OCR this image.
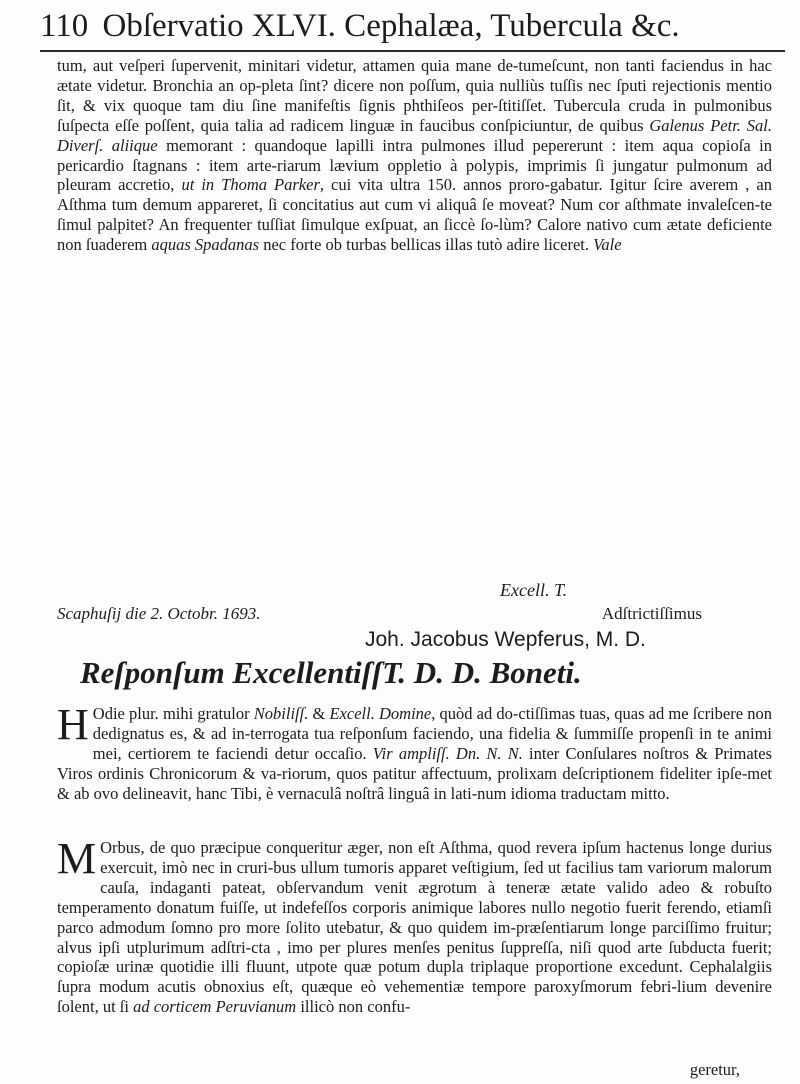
110 Obſervatio XLVI. Cephalæa, Tubercula &c.

tum, aut veſperi ſupervenit, minitari videtur, attamen quia mane de-tumeſcunt, non tanti faciendus in hac ætate videtur. Bronchia an op-pleta ſint? dicere non poſſum, quia nulliùs tuſſis nec ſputi rejectionis mentio ſit, & vix quoque tam diu ſine manifeſtis ſignis phthiſeos per-ſtitiſſet. Tubercula cruda in pulmonibus ſuſpecta eſſe poſſent, quia talia ad radicem linguæ in faucibus conſpiciuntur, de quibus Galenus Petr. Sal. Diverſ. aliique memorant : quandoque lapilli intra pulmones illud pepererunt : item aqua copioſa in pericardio ſtagnans : item arte-riarum lævium oppletio à polypis, imprimis ſi jungatur pulmonum ad pleuram accretio, ut in Thoma Parker, cui vita ultra 150. annos proro-gabatur. Igitur ſcire averem , an Aſthma tum demum appareret, ſi concitatius aut cum vi aliquâ ſe moveat? Num cor aſthmate invaleſcen-te ſimul palpitet? An frequenter tuſſiat ſimulque exſpuat, an ſiccè ſo-lùm? Calore nativo cum ætate deficiente non ſuaderem aquas Spadanas nec forte ob turbas bellicas illas tutò adire liceret. Vale

Excell. T.
Scaphuſij die 2. Octobr. 1693.	Adſtrictiſſimus
Joh. Jacobus Wepferus, M. D.
Reſponſum ExcellentiſſT. D. D. Boneti.

H Odie plur. mihi gratulor Nobiliſſ. & Excell. Domine, quòd ad do-ctiſſimas tuas, quas ad me ſcribere non dedignatus es, & ad in-terrogata tua reſponſum faciendo, una fidelia & ſummiſſe propenſi in te animi mei, certiorem te faciendi detur occaſio. Vir ampliſſ. Dn. N. N. inter Conſulares noſtros & Primates Viros ordinis Chronicorum & va-riorum, quos patitur affectuum, prolixam deſcriptionem fideliter ipſe-met & ab ovo delineavit, hanc Tibi, è vernaculâ noſtrâ linguâ in lati-num idioma traductam mitto.

M Orbus, de quo præcipue conqueritur æger, non eſt Aſthma, quod revera ipſum hactenus longe durius exercuit, imò nec in cruri-bus ullum tumoris apparet veſtigium, ſed ut facilius tam variorum malorum cauſa, indaganti pateat, obſervandum venit ægrotum à teneræ ætate valido adeo & robuſto temperamento donatum fuiſſe, ut indefeſſos corporis animique labores nullo negotio fuerit ferendo, etiamſi parco admodum ſomno pro more ſolito utebatur, & quo quidem im-præſentiarum longe parciſſimo fruitur; alvus ipſi utplurimum adſtri-cta , imo per plures menſes penitus ſuppreſſa, niſi quod arte ſubducta fuerit; copioſæ urinæ quotidie illi fluunt, utpote quæ potum dupla triplaque proportione excedunt. Cephalalgiis ſupra modum acutis obnoxius eſt, quæque eò vehementiæ tempore paroxyſmorum febri-lium devenire ſolent, ut ſi ad corticem Peruvianum illicò non confu-

geretur,
